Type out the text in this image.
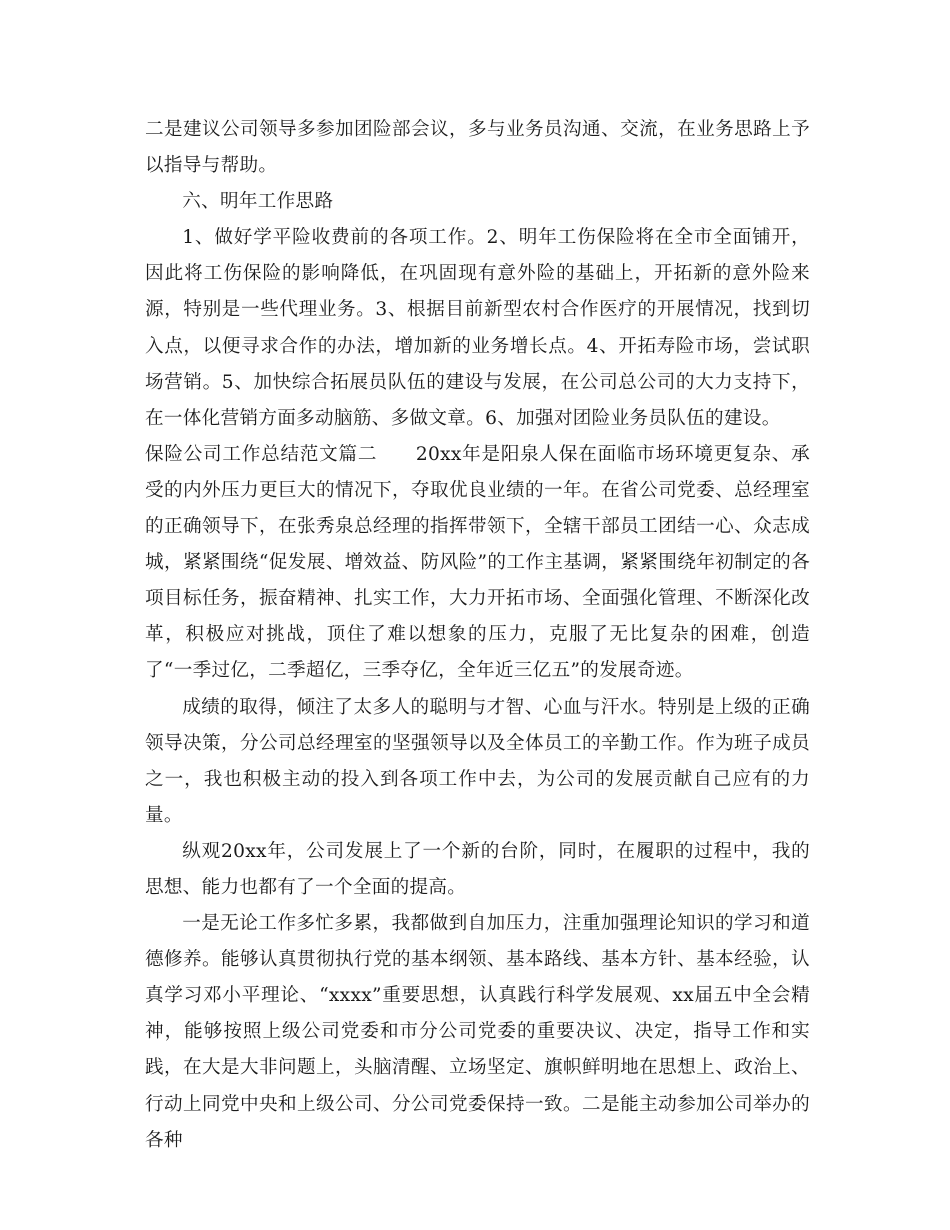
二是建议公司领导多参加团险部会议，多与业务员沟通、交流，在业务思路上予以指导与帮助。

六、明年工作思路

1、做好学平险收费前的各项工作。2、明年工伤保险将在全市全面铺开，因此将工伤保险的影响降低，在巩固现有意外险的基础上，开拓新的意外险来源，特别是一些代理业务。3、根据目前新型农村合作医疗的开展情况，找到切入点，以便寻求合作的办法，增加新的业务增长点。4、开拓寿险市场，尝试职场营销。5、加快综合拓展员队伍的建设与发展，在公司总公司的大力支持下，在一体化营销方面多动脑筋、多做文章。6、加强对团险业务员队伍的建设。

保险公司工作总结范文篇二　　20xx年是阳泉人保在面临市场环境更复杂、承受的内外压力更巨大的情况下，夺取优良业绩的一年。在省公司党委、总经理室的正确领导下，在张秀泉总经理的指挥带领下，全辖干部员工团结一心、众志成城，紧紧围绕“促发展、增效益、防风险”的工作主基调，紧紧围绕年初制定的各项目标任务，振奋精神、扎实工作，大力开拓市场、全面强化管理、不断深化改革，积极应对挑战，顶住了难以想象的压力，克服了无比复杂的困难，创造了“一季过亿，二季超亿，三季夺亿，全年近三亿五”的发展奇迹。

成绩的取得，倾注了太多人的聪明与才智、心血与汗水。特别是上级的正确领导决策，分公司总经理室的坚强领导以及全体员工的辛勤工作。作为班子成员之一，我也积极主动的投入到各项工作中去，为公司的发展贡献自己应有的力量。

纵观20xx年，公司发展上了一个新的台阶，同时，在履职的过程中，我的思想、能力也都有了一个全面的提高。

一是无论工作多忙多累，我都做到自加压力，注重加强理论知识的学习和道德修养。能够认真贯彻执行党的基本纲领、基本路线、基本方针、基本经验，认真学习邓小平理论、“xxxx”重要思想，认真践行科学发展观、xx届五中全会精神，能够按照上级公司党委和市分公司党委的重要决议、决定，指导工作和实践，在大是大非问题上，头脑清醒、立场坚定、旗帜鲜明地在思想上、政治上、行动上同党中央和上级公司、分公司党委保持一致。二是能主动参加公司举办的各种
